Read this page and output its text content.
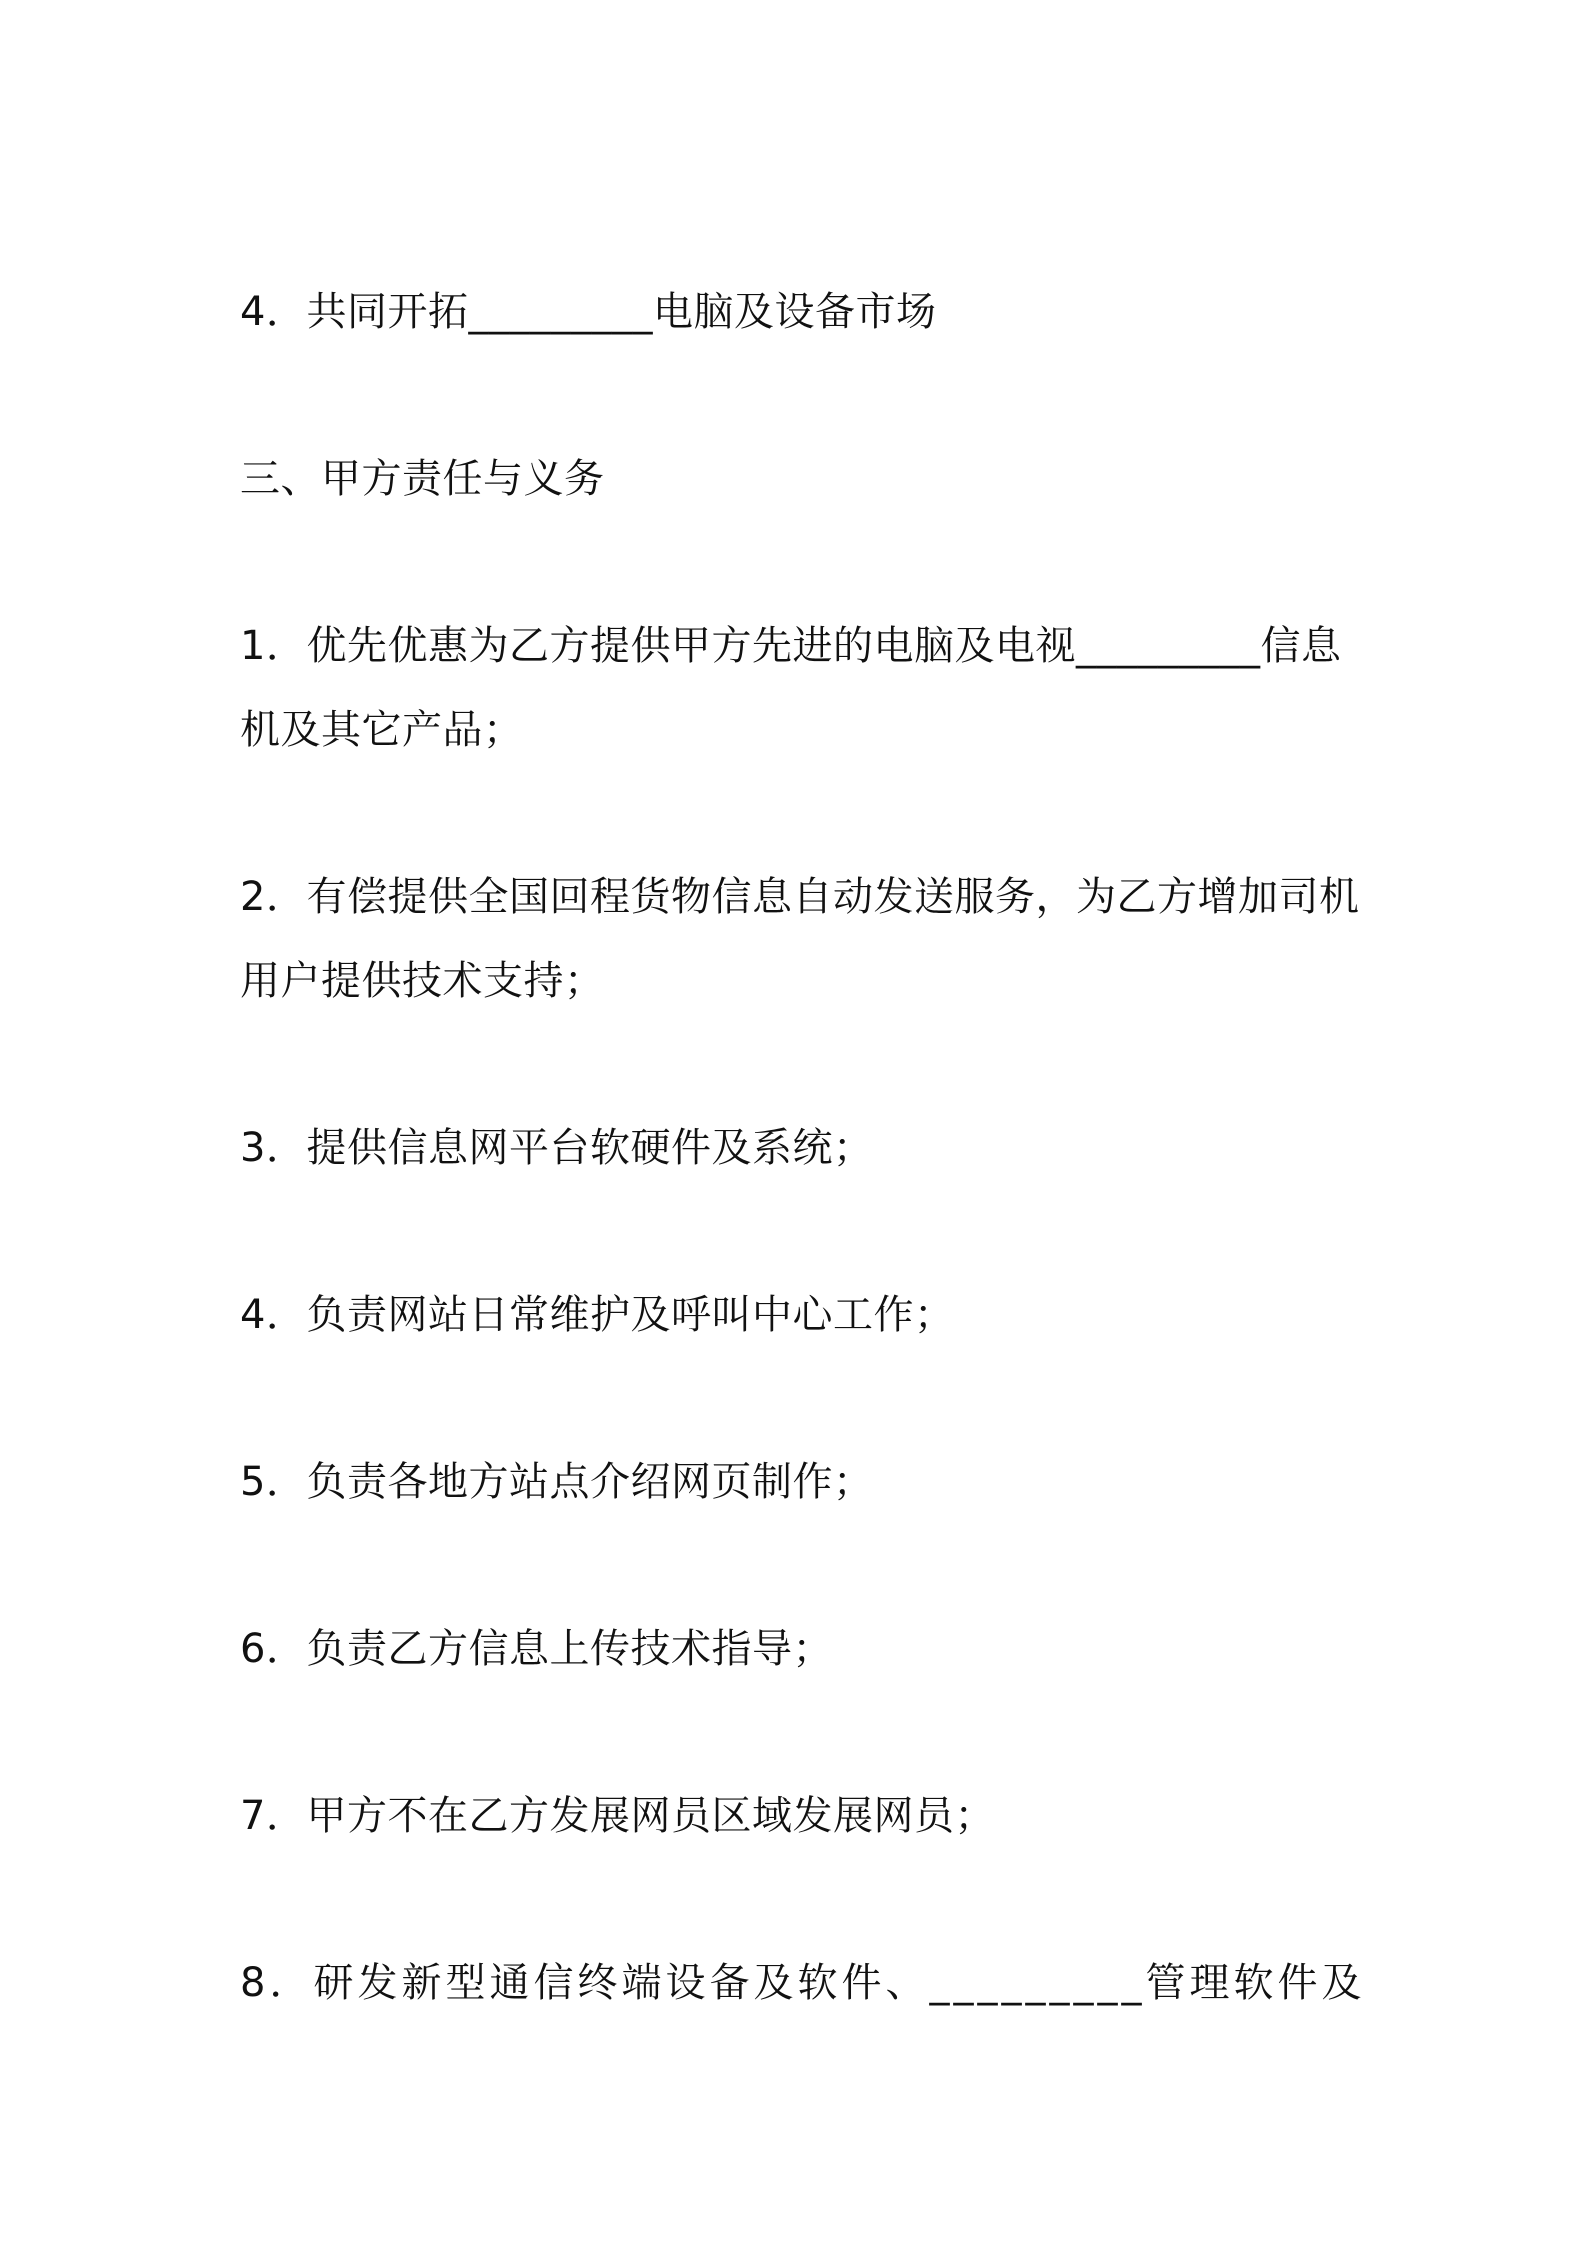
4．共同开拓_________电脑及设备市场
三、甲方责任与义务
1．优先优惠为乙方提供甲方先进的电脑及电视_________信息
机及其它产品；
2．有偿提供全国回程货物信息自动发送服务，为乙方增加司机
用户提供技术支持；
3．提供信息网平台软硬件及系统；
4．负责网站日常维护及呼叫中心工作；
5．负责各地方站点介绍网页制作；
6．负责乙方信息上传技术指导；
7．甲方不在乙方发展网员区域发展网员；
8．研发新型通信终端设备及软件、_________管理软件及
